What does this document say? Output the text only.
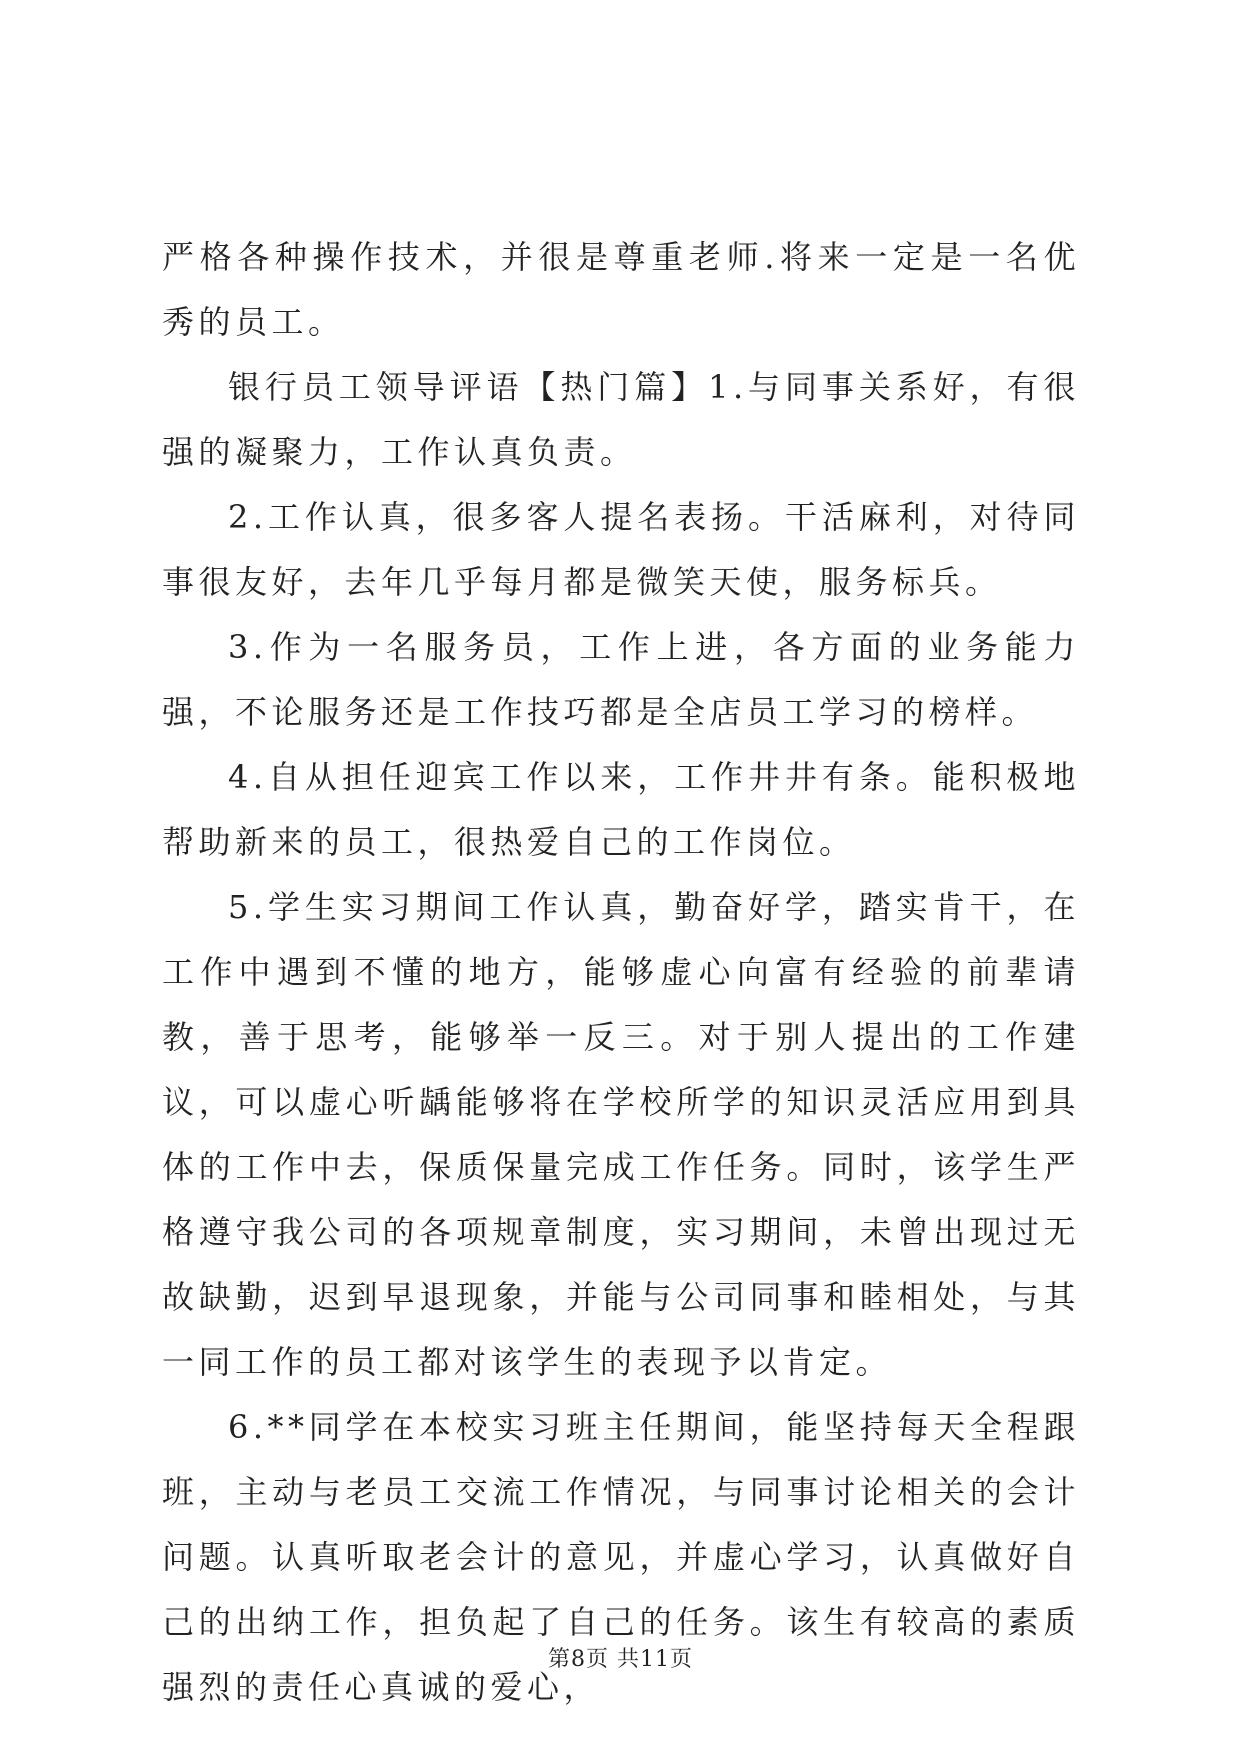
严格各种操作技术，并很是尊重老师.将来一定是一名优秀的员工。

银行员工领导评语【热门篇】1.与同事关系好，有很强的凝聚力，工作认真负责。

2.工作认真，很多客人提名表扬。干活麻利，对待同事很友好，去年几乎每月都是微笑天使，服务标兵。

3.作为一名服务员，工作上进，各方面的业务能力强，不论服务还是工作技巧都是全店员工学习的榜样。

4.自从担任迎宾工作以来，工作井井有条。能积极地帮助新来的员工，很热爱自己的工作岗位。

5.学生实习期间工作认真，勤奋好学，踏实肯干，在工作中遇到不懂的地方，能够虚心向富有经验的前辈请教，善于思考，能够举一反三。对于别人提出的工作建议，可以虚心听龋能够将在学校所学的知识灵活应用到具体的工作中去，保质保量完成工作任务。同时，该学生严格遵守我公司的各项规章制度，实习期间，未曾出现过无故缺勤，迟到早退现象，并能与公司同事和睦相处，与其一同工作的员工都对该学生的表现予以肯定。

6.**同学在本校实习班主任期间，能坚持每天全程跟班，主动与老员工交流工作情况，与同事讨论相关的会计问题。认真听取老会计的意见，并虚心学习，认真做好自己的出纳工作，担负起了自己的任务。该生有较高的素质强烈的责任心真诚的爱心，

第8页 共11页
